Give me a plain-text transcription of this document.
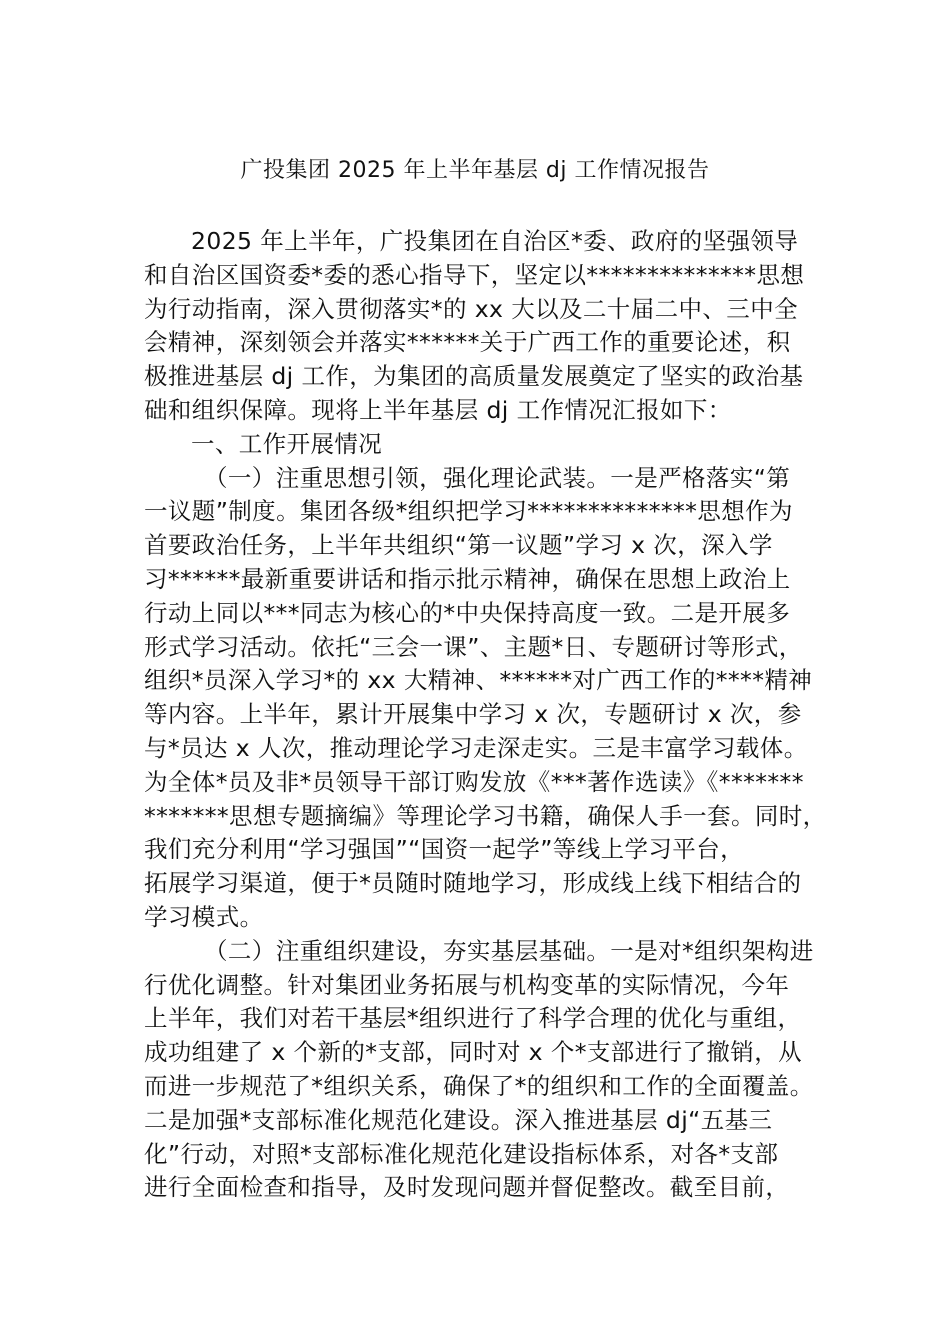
广投集团 2025 年上半年基层 dj 工作情况报告
2025 年上半年，广投集团在自治区*委、政府的坚强领导
和自治区国资委*委的悉心指导下，坚定以**************思想
为行动指南，深入贯彻落实*的 xx 大以及二十届二中、三中全
会精神，深刻领会并落实******关于广西工作的重要论述，积
极推进基层 dj 工作，为集团的高质量发展奠定了坚实的政治基
础和组织保障。现将上半年基层 dj 工作情况汇报如下：
一、工作开展情况
（一）注重思想引领，强化理论武装。一是严格落实“第
一议题”制度。集团各级*组织把学习**************思想作为
首要政治任务，上半年共组织“第一议题”学习 x 次，深入学
习******最新重要讲话和指示批示精神，确保在思想上政治上
行动上同以***同志为核心的*中央保持高度一致。二是开展多
形式学习活动。依托“三会一课”、主题*日、专题研讨等形式，
组织*员深入学习*的 xx 大精神、******对广西工作的****精神
等内容。上半年，累计开展集中学习 x 次，专题研讨 x 次，参
与*员达 x 人次，推动理论学习走深走实。三是丰富学习载体。
为全体*员及非*员领导干部订购发放《***著作选读》《*******
*******思想专题摘编》等理论学习书籍，确保人手一套。同时，
我们充分利用“学习强国”“国资一起学”等线上学习平台，
拓展学习渠道，便于*员随时随地学习，形成线上线下相结合的
学习模式。
（二）注重组织建设，夯实基层基础。一是对*组织架构进
行优化调整。针对集团业务拓展与机构变革的实际情况，今年
上半年，我们对若干基层*组织进行了科学合理的优化与重组，
成功组建了 x 个新的*支部，同时对 x 个*支部进行了撤销，从
而进一步规范了*组织关系，确保了*的组织和工作的全面覆盖。
二是加强*支部标准化规范化建设。深入推进基层 dj“五基三
化”行动，对照*支部标准化规范化建设指标体系，对各*支部
进行全面检查和指导，及时发现问题并督促整改。截至目前，
